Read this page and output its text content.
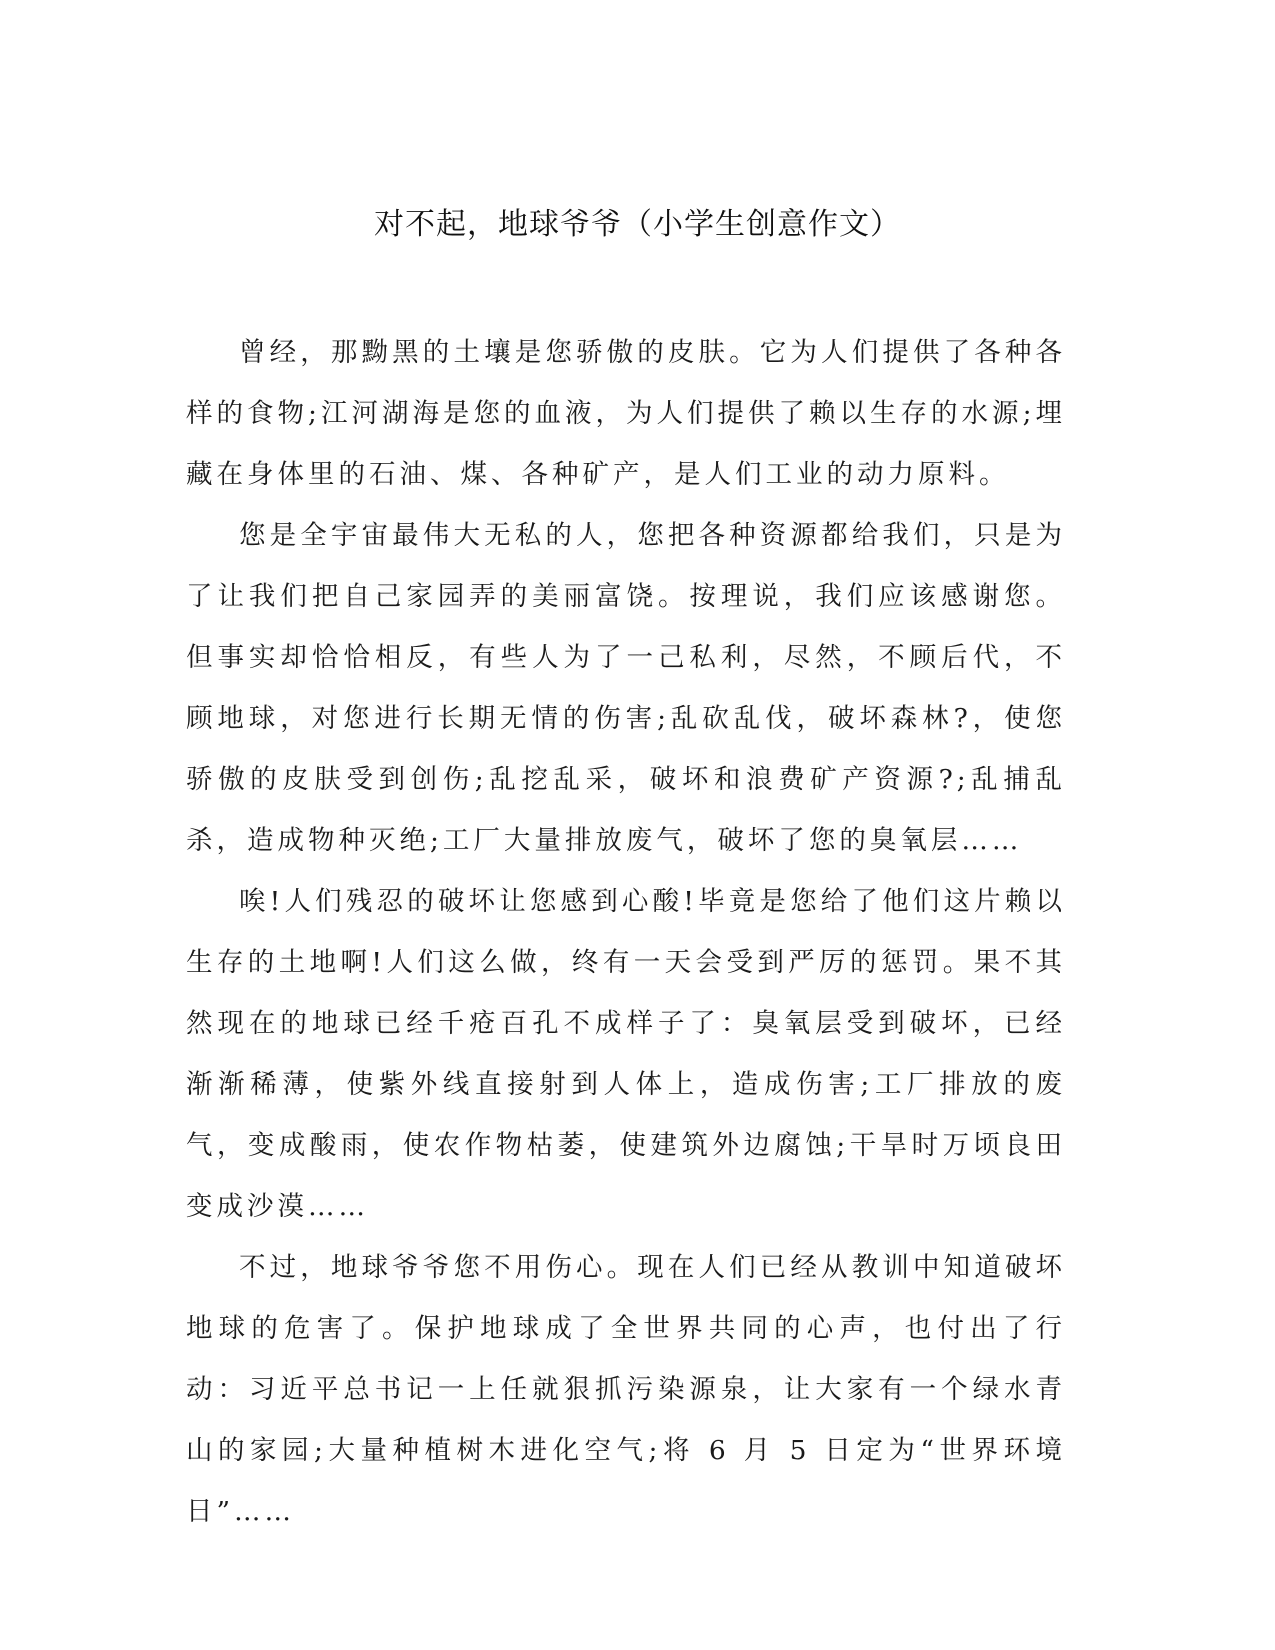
对不起，地球爷爷（小学生创意作文）

曾经，那黝黑的土壤是您骄傲的皮肤。它为人们提供了各种各样的食物;江河湖海是您的血液，为人们提供了赖以生存的水源;埋藏在身体里的石油、煤、各种矿产，是人们工业的动力原料。

您是全宇宙最伟大无私的人，您把各种资源都给我们，只是为了让我们把自己家园弄的美丽富饶。按理说，我们应该感谢您。但事实却恰恰相反，有些人为了一己私利，尽然，不顾后代，不顾地球，对您进行长期无情的伤害;乱砍乱伐，破坏森林?，使您骄傲的皮肤受到创伤;乱挖乱采，破坏和浪费矿产资源?;乱捕乱杀，造成物种灭绝;工厂大量排放废气，破坏了您的臭氧层……

唉!人们残忍的破坏让您感到心酸!毕竟是您给了他们这片赖以生存的土地啊!人们这么做，终有一天会受到严厉的惩罚。果不其然现在的地球已经千疮百孔不成样子了：臭氧层受到破坏，已经渐渐稀薄，使紫外线直接射到人体上，造成伤害;工厂排放的废气，变成酸雨，使农作物枯萎，使建筑外边腐蚀;干旱时万顷良田变成沙漠……

不过，地球爷爷您不用伤心。现在人们已经从教训中知道破坏地球的危害了。保护地球成了全世界共同的心声，也付出了行动：习近平总书记一上任就狠抓污染源泉，让大家有一个绿水青山的家园;大量种植树木进化空气;将 6 月 5 日定为“世界环境日”……
